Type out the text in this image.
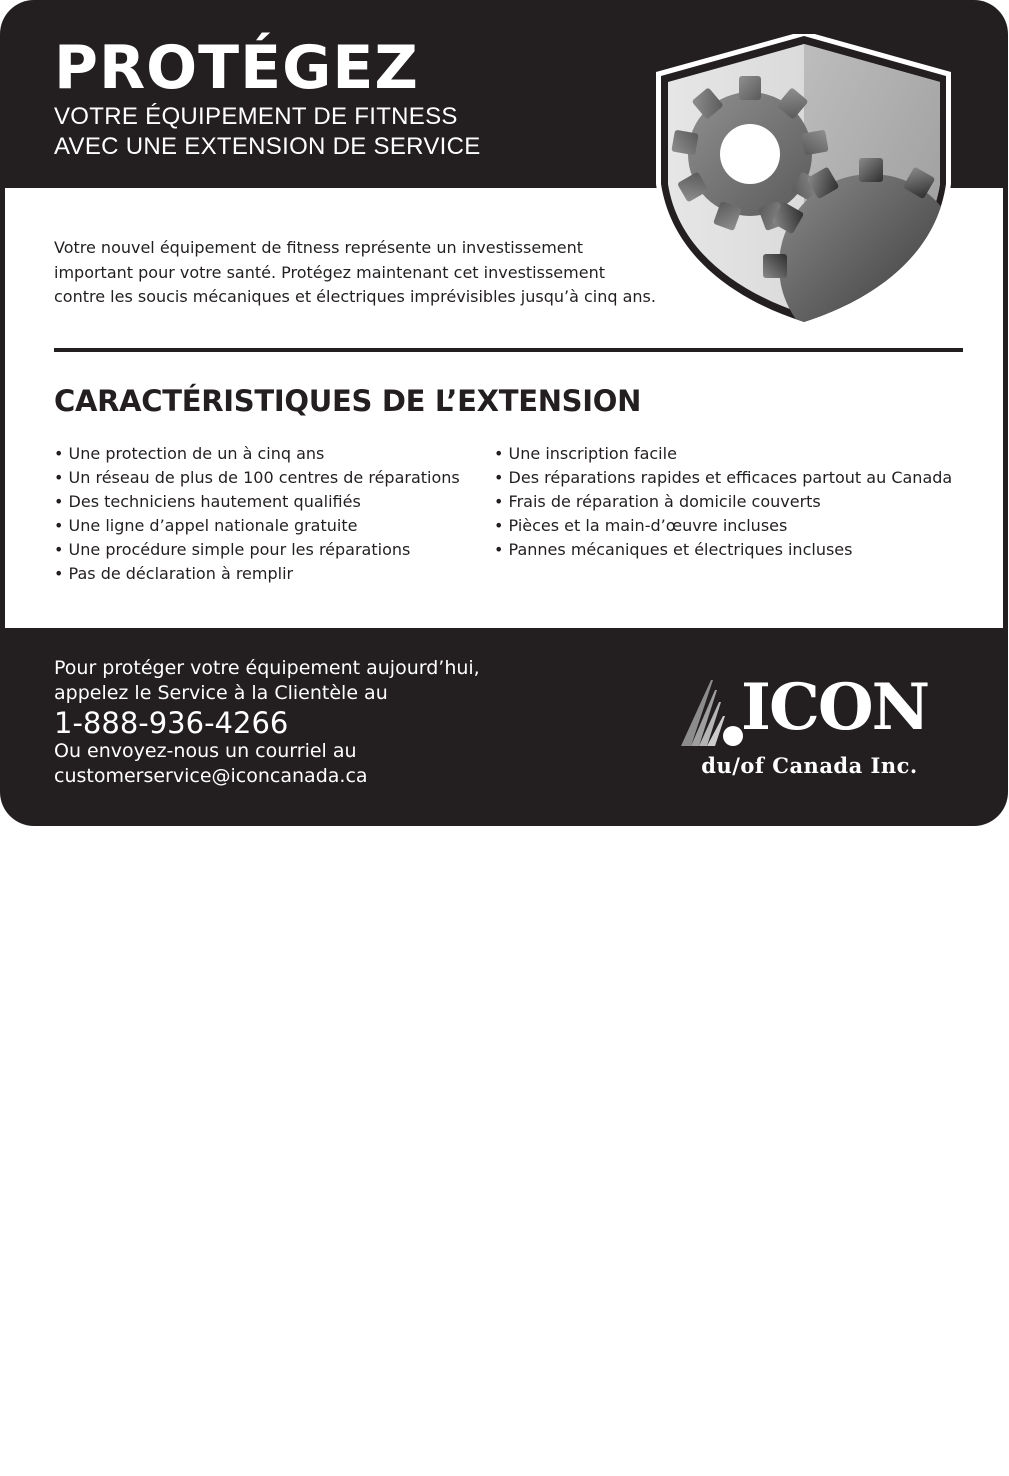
PROTÉGEZ

VOTRE ÉQUIPEMENT DE FITNESS

AVEC UNE EXTENSION DE SERVICE

Votre nouvel équipement de fitness représente un investissement
important pour votre santé. Protégez maintenant cet investissement
contre les soucis mécaniques et électriques imprévisibles jusqu’à cinq ans.

CARACTÉRISTIQUES DE L’EXTENSION

• Une protection de un à cinq ans
• Un réseau de plus de 100 centres de réparations
• Des techniciens hautement qualifiés
• Une ligne d’appel nationale gratuite
• Une procédure simple pour les réparations
• Pas de déclaration à remplir
• Une inscription facile
• Des réparations rapides et efficaces partout au Canada
• Frais de réparation à domicile couverts
• Pièces et la main-d’œuvre incluses
• Pannes mécaniques et électriques incluses

Pour protéger votre équipement aujourd’hui,

appelez le Service à la Clientèle au

1-888-936-4266

Ou envoyez-nous un courriel au

customerservice@iconcanada.ca

ICON
du/of Canada Inc.
